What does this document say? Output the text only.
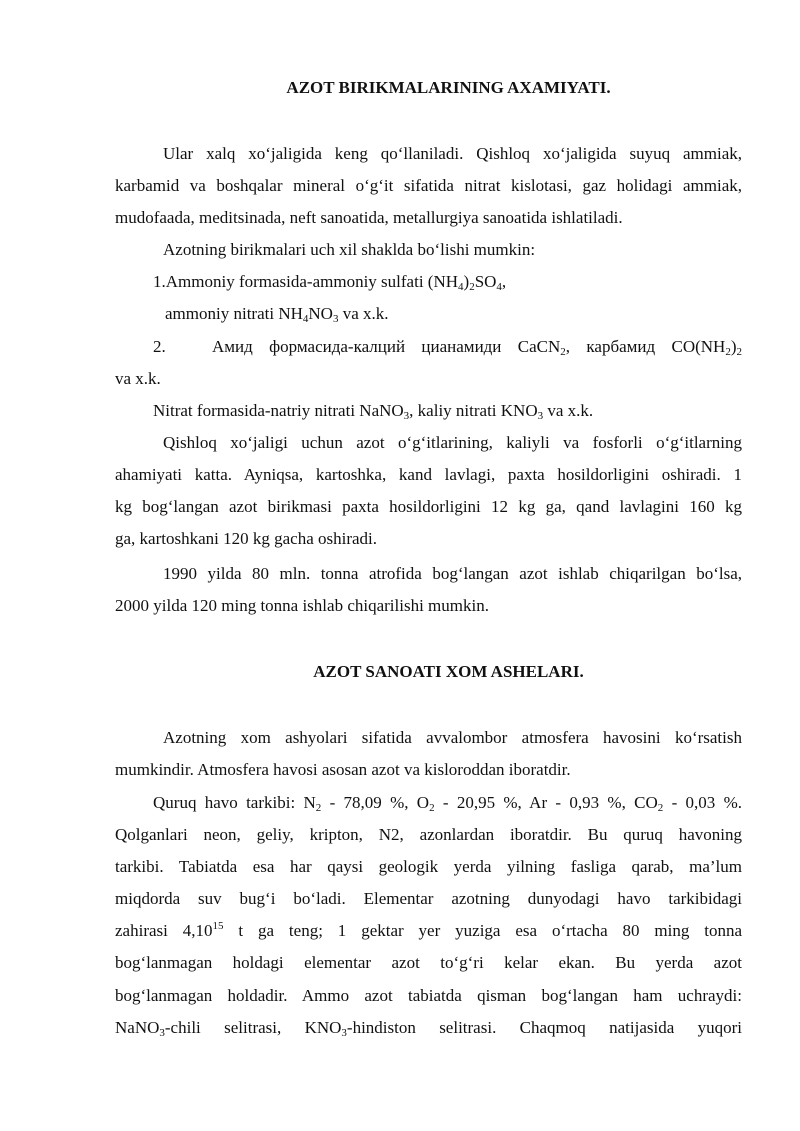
AZOT BIRIKMALARINING AXAMIYATI.
Ular xalq xo‘jaligida keng qo‘llaniladi. Qishloq xo‘jaligida suyuq ammiak,
karbamid va boshqalar mineral o‘g‘it sifatida nitrat kislotasi, gaz holidagi ammiak,
mudofaada, meditsinada, neft sanoatida, metallurgiya sanoatida ishlatiladi.
Azotning birikmalari uch xil shaklda bo‘lishi mumkin:
1.Ammoniy formasida-ammoniy sulfati $(NH_4)_2SO_4$,
ammoniy nitrati $NH_4NO_3$ va x.k.
2.	Амид формасида-калций цианамиди CaCN$_2$, карбамид $CO(NH_2)_2$
va x.k.
Nitrat formasida-natriy nitrati NaNO$_3$, kaliy nitrati $KNO_3$ va x.k.
Qishloq xo‘jaligi uchun azot o‘g‘itlarining, kaliyli va fosforli o‘g‘itlarning
ahamiyati katta. Ayniqsa, kartoshka, kand lavlagi, paxta hosildorligini oshiradi. 1
kg bog‘langan azot birikmasi paxta hosildorligini 12 kg ga, qand lavlagini 160 kg
ga, kartoshkani 120 kg gacha oshiradi.
1990 yilda 80 mln. tonna atrofida bog‘langan azot ishlab chiqarilgan bo‘lsa,
2000 yilda 120 ming tonna ishlab chiqarilishi mumkin.
AZOT SANOATI XOM ASHELARI.
Azotning xom ashyolari sifatida avvalombor atmosfera havosini ko‘rsatish
mumkindir. Atmosfera havosi asosan azot va kisloroddan iboratdir.
Quruq havo tarkibi: $N_2 - 78,09$ %, $O_2 - 20,95$ %, Ar - 0,93 %, $CO_2 - 0,03$ %.
Qolganlari neon, geliy, kripton, N2, azonlardan iboratdir. Bu quruq havoning
tarkibi. Tabiatda esa har qaysi geologik yerda yilning fasliga qarab, ma’lum
miqdorda suv bug‘i bo‘ladi. Elementar azotning dunyodagi havo tarkibidagi
zahirasi 4,10$^{15}$ t ga teng; 1 gektar yer yuziga esa o‘rtacha 80 ming tonna
bog‘lanmagan holdagi elementar azot to‘g‘ri kelar ekan. Bu yerda azot
bog‘lanmagan holdadir. Ammo azot tabiatda qisman bog‘langan ham uchraydi:
NaNO$_3$-chili selitrasi, $KNO_3$-hindiston selitrasi. Chaqmoq natijasida yuqori
